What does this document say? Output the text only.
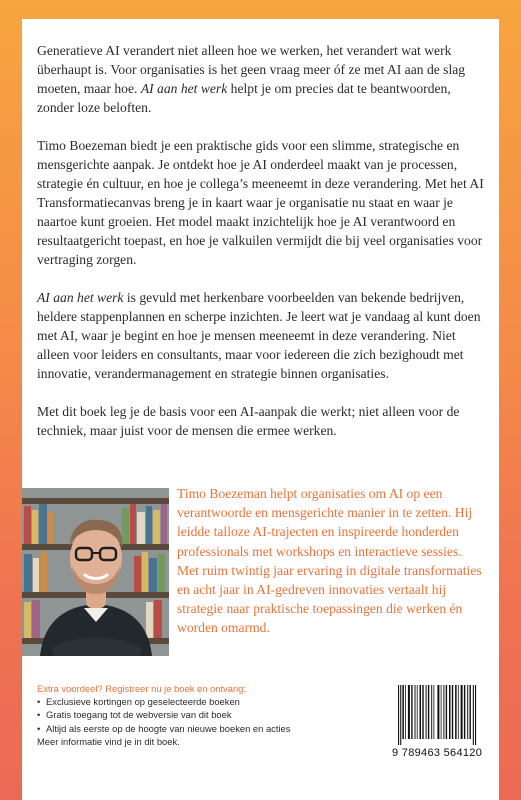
Generatieve AI verandert niet alleen hoe we werken, het verandert wat werk überhaupt is. Voor organisaties is het geen vraag meer óf ze met AI aan de slag moeten, maar hoe. AI aan het werk helpt je om precies dat te beantwoorden, zonder loze beloften.

Timo Boezeman biedt je een praktische gids voor een slimme, strategische en mensgerichte aanpak. Je ontdekt hoe je AI onderdeel maakt van je processen, strategie én cultuur, en hoe je collega’s meeneemt in deze verandering. Met het AI Transformatiecanvas breng je in kaart waar je organisatie nu staat en waar je naartoe kunt groeien. Het model maakt inzichtelijk hoe je AI verantwoord en resultaatgericht toepast, en hoe je valkuilen vermijdt die bij veel organisaties voor vertraging zorgen.

AI aan het werk is gevuld met herkenbare voorbeelden van bekende bedrijven, heldere stappenplannen en scherpe inzichten. Je leert wat je vandaag al kunt doen met AI, waar je begint en hoe je mensen meeneemt in deze verandering. Niet alleen voor leiders en consultants, maar voor iedereen die zich bezighoudt met innovatie, verandermanagement en strategie binnen organisaties.

Met dit boek leg je de basis voor een AI-aanpak die werkt; niet alleen voor de techniek, maar juist voor de mensen die ermee werken.

Timo Boezeman helpt organisaties om AI op een verantwoorde en mensgerichte manier in te zetten. Hij leidde talloze AI-trajecten en inspireerde honderden professionals met workshops en interactieve sessies. Met ruim twintig jaar ervaring in digitale transformaties en acht jaar in AI-gedreven innovaties vertaalt hij strategie naar praktische toepassingen die werken én worden omarmd.

Extra voordeel? Registreer nu je boek en ontvang:
• Exclusieve kortingen op geselecteerde boeken
• Gratis toegang tot de webversie van dit boek
• Altijd als eerste op de hoogte van nieuwe boeken en acties
Meer informatie vind je in dit boek.
9 789463 564120
